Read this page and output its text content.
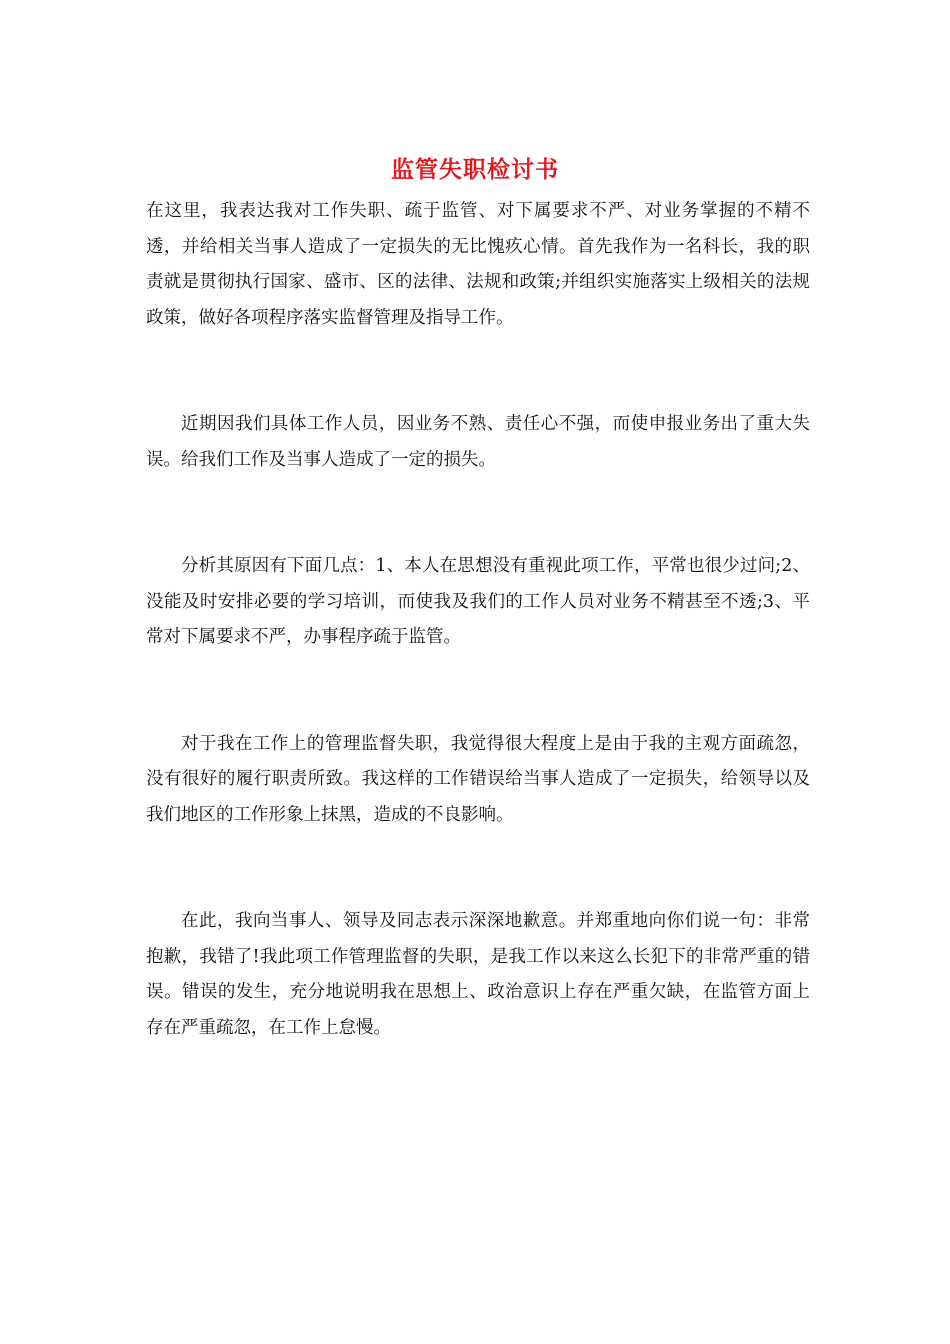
监管失职检讨书

在这里，我表达我对工作失职、疏于监管、对下属要求不严、对业务掌握的不精不透，并给相关当事人造成了一定损失的无比愧疚心情。首先我作为一名科长，我的职责就是贯彻执行国家、盛市、区的法律、法规和政策;并组织实施落实上级相关的法规政策，做好各项程序落实监督管理及指导工作。

近期因我们具体工作人员，因业务不熟、责任心不强，而使申报业务出了重大失误。给我们工作及当事人造成了一定的损失。

分析其原因有下面几点：1、本人在思想没有重视此项工作，平常也很少过问;2、没能及时安排必要的学习培训，而使我及我们的工作人员对业务不精甚至不透;3、平常对下属要求不严，办事程序疏于监管。

对于我在工作上的管理监督失职，我觉得很大程度上是由于我的主观方面疏忽，没有很好的履行职责所致。我这样的工作错误给当事人造成了一定损失，给领导以及我们地区的工作形象上抹黑，造成的不良影响。

在此，我向当事人、领导及同志表示深深地歉意。并郑重地向你们说一句：非常抱歉，我错了!我此项工作管理监督的失职，是我工作以来这么长犯下的非常严重的错误。错误的发生，充分地说明我在思想上、政治意识上存在严重欠缺，在监管方面上存在严重疏忽，在工作上怠慢。
